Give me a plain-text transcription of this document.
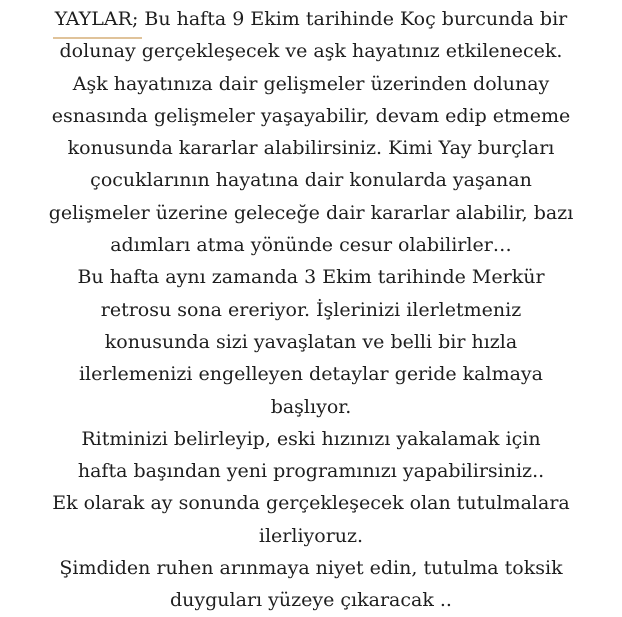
YAYLAR;
Bu hafta 9 Ekim tarihinde Koç burcunda bir
dolunay gerçekleşecek ve aşk hayatınız etkilenecek.
Aşk hayatınıza dair gelişmeler üzerinden dolunay
esnasında gelişmeler yaşayabilir, devam edip etmeme
konusunda kararlar alabilirsiniz. Kimi Yay burçları
çocuklarının hayatına dair konularda yaşanan
gelişmeler üzerine geleceğe dair kararlar alabilir, bazı
adımları atma yönünde cesur olabilirler…
Bu hafta aynı zamanda 3 Ekim tarihinde Merkür
retrosu sona ereriyor. İşlerinizi ilerletmeniz
konusunda sizi yavaşlatan ve belli bir hızla
ilerlemenizi engelleyen detaylar geride kalmaya
başlıyor.
Ritminizi belirleyip, eski hızınızı yakalamak için
hafta başından yeni programınızı yapabilirsiniz..
Ek olarak ay sonunda gerçekleşecek olan tutulmalara
ilerliyoruz.
Şimdiden ruhen arınmaya niyet edin, tutulma toksik
duyguları yüzeye çıkaracak ..
